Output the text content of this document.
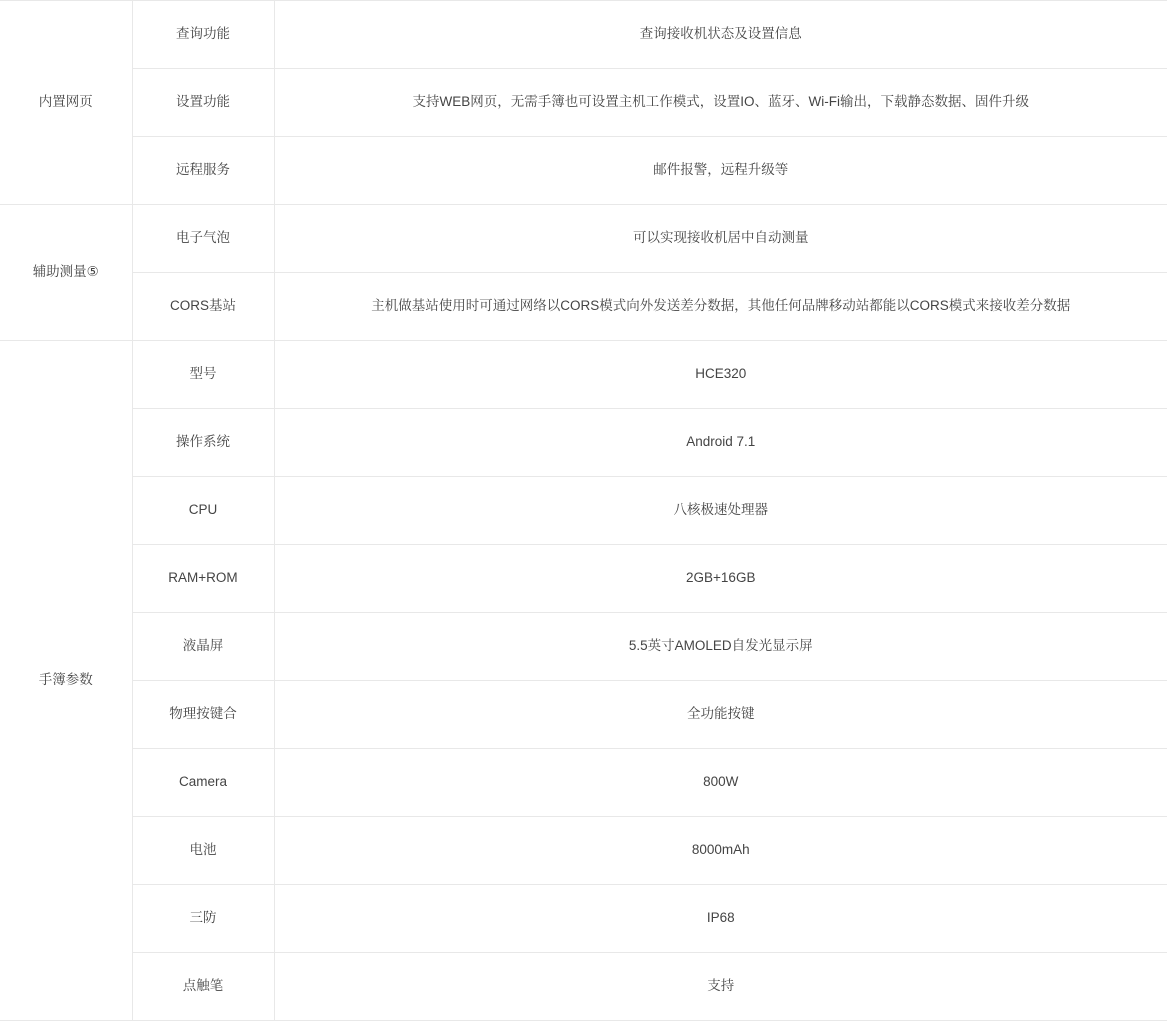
内置网页	查询功能	查询接收机状态及设置信息
	设置功能	支持WEB网页，无需手簿也可设置主机工作模式，设置IO、蓝牙、Wi-Fi输出，下载静态数据、固件升级
	远程服务	邮件报警，远程升级等
辅助测量⑤	电子气泡	可以实现接收机居中自动测量
	CORS基站	主机做基站使用时可通过网络以CORS模式向外发送差分数据，其他任何品牌移动站都能以CORS模式来接收差分数据
手簿参数	型号	HCE320
	操作系统	Android 7.1
	CPU	八核极速处理器
	RAM+ROM	2GB+16GB
	液晶屏	5.5英寸AMOLED自发光显示屏
	物理按键合	全功能按键
	Camera	800W
	电池	8000mAh
	三防	IP68
	点触笔	支持
